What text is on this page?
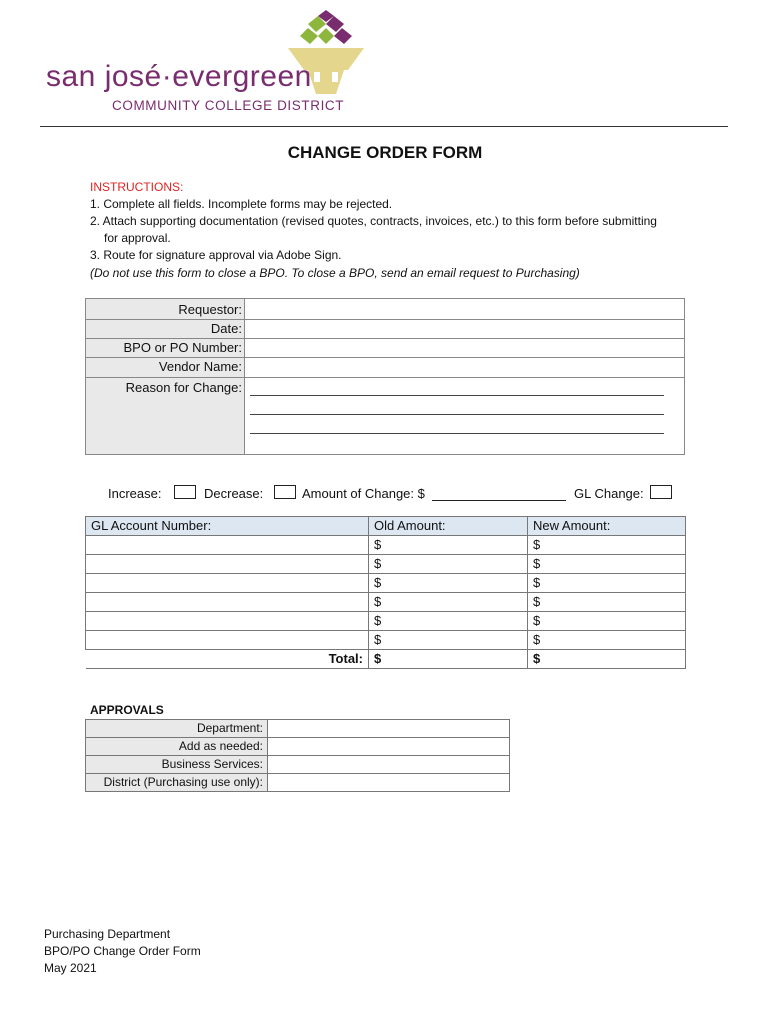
san josé·evergreen
COMMUNITY COLLEGE DISTRICT
CHANGE ORDER FORM
INSTRUCTIONS:
1. Complete all fields. Incomplete forms may be rejected.
2. Attach supporting documentation (revised quotes, contracts, invoices, etc.) to this form before submitting
for approval.
3. Route for signature approval via Adobe Sign.
(Do not use this form to close a BPO. To close a BPO, send an email request to Purchasing)
Requestor:
Date:
BPO or PO Number:
Vendor Name:
Reason for Change:
Increase:	Decrease:	Amount of Change: $	GL Change:
GL Account Number:	Old Amount:	New Amount:
	$	$
	$	$
	$	$
	$	$
	$	$
	$	$
Total:	$	$
APPROVALS
Department:	
Add as needed:	
Business Services:	
District (Purchasing use only):	
Purchasing Department
BPO/PO Change Order Form
May 2021
